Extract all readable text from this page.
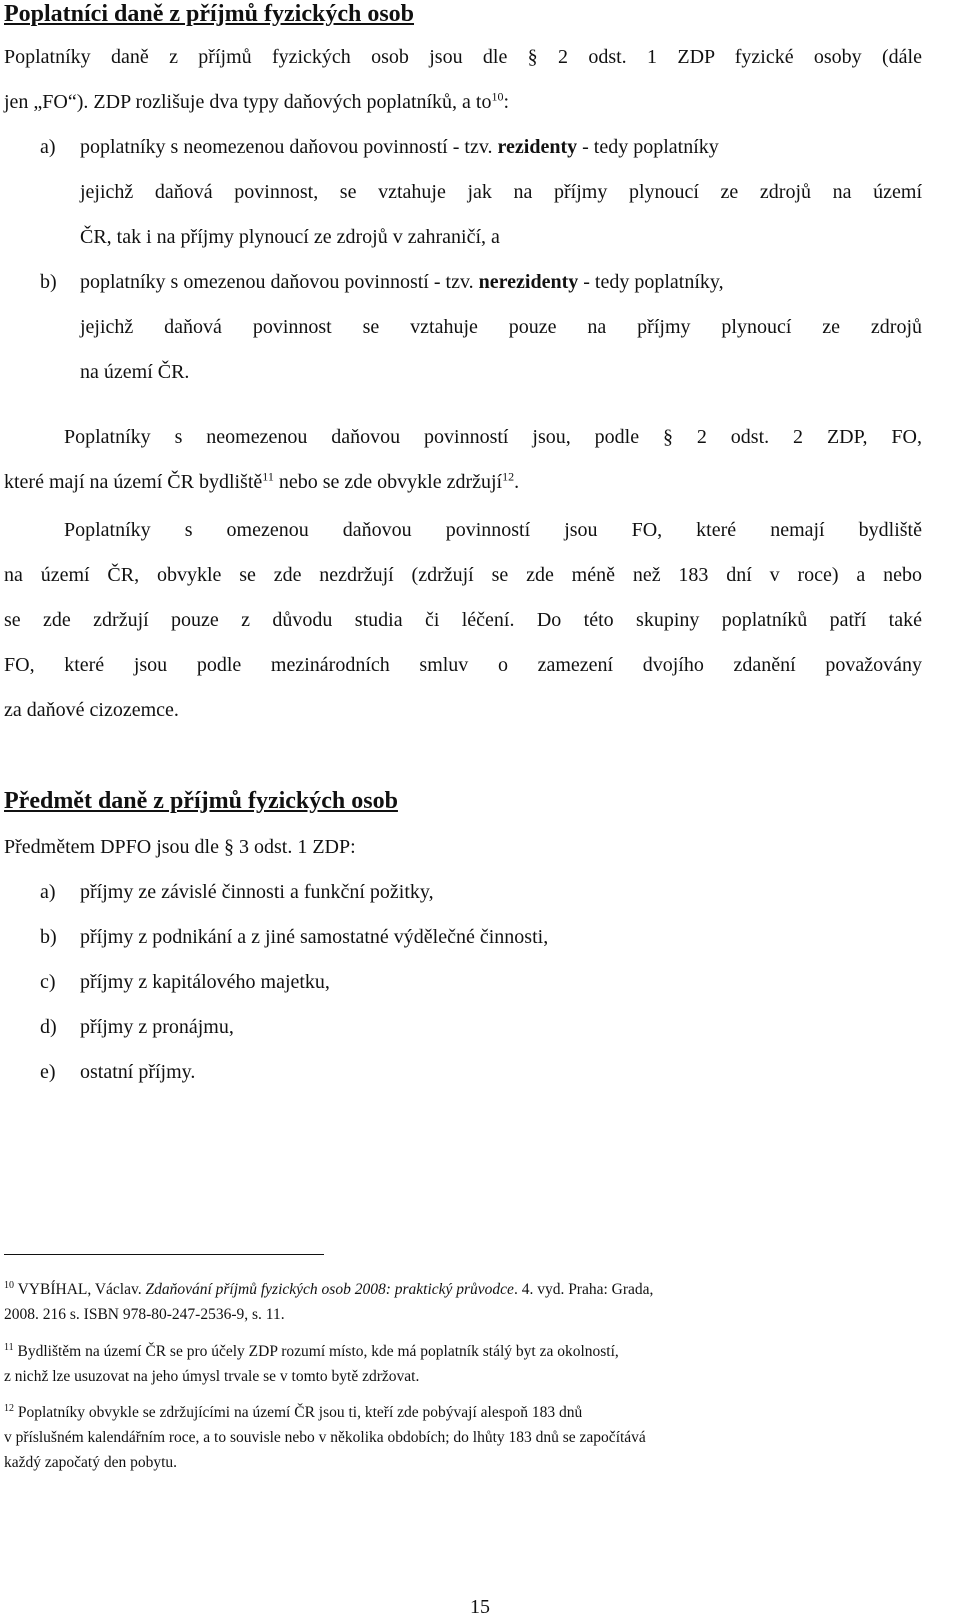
Poplatníci daně z příjmů fyzických osob
Poplatníky daně z příjmů fyzických osob jsou dle § 2 odst. 1 ZDP fyzické osoby (dále
jen „FO“). ZDP rozlišuje dva typy daňových poplatníků, a $to^{10}$:
a) poplatníky s neomezenou daňovou povinností - tzv. rezidenty - tedy poplatníky
jejichž daňová povinnost, se vztahuje jak na příjmy plynoucí ze zdrojů na území
ČR, tak i na příjmy plynoucí ze zdrojů v zahraničí, a
b) poplatníky s omezenou daňovou povinností - tzv. nerezidenty - tedy poplatníky,
jejichž daňová povinnost se vztahuje pouze na příjmy plynoucí ze zdrojů
na území ČR.
Poplatníky s neomezenou daňovou povinností jsou, podle § 2 odst. 2 ZDP, FO,
které mají na území ČR bydliště$^{11}$ nebo se zde obvykle zdržují$^{12}$.
Poplatníky s omezenou daňovou povinností jsou FO, které nemají bydliště
na území ČR, obvykle se zde nezdržují (zdržují se zde méně než 183 dní v roce) a nebo
se zde zdržují pouze z důvodu studia či léčení. Do této skupiny poplatníků patří také
FO, které jsou podle mezinárodních smluv o zamezení dvojího zdanění považovány
za daňové cizozemce.
Předmět daně z příjmů fyzických osob
Předmětem DPFO jsou dle § 3 odst. 1 ZDP:
a) příjmy ze závislé činnosti a funkční požitky,
b) příjmy z podnikání a z jiné samostatné výdělečné činnosti,
c) příjmy z kapitálového majetku,
d) příjmy z pronájmu,
e) ostatní příjmy.
$^{10}$ VYBÍHAL, Václav. Zdaňování příjmů fyzických osob 2008: praktický průvodce. 4. vyd. Praha: Grada,
2008. 216 s. ISBN 978-80-247-2536-9, s. 11.
$^{11}$ Bydlištěm na území ČR se pro účely ZDP rozumí místo, kde má poplatník stálý byt za okolností,
z nichž lze usuzovat na jeho úmysl trvale se v tomto bytě zdržovat.
$^{12}$ Poplatníky obvykle se zdržujícími na území ČR jsou ti, kteří zde pobývají alespoň 183 dnů
v příslušném kalendářním roce, a to souvisle nebo v několika obdobích; do lhůty 183 dnů se započítává
každý započatý den pobytu.
15
